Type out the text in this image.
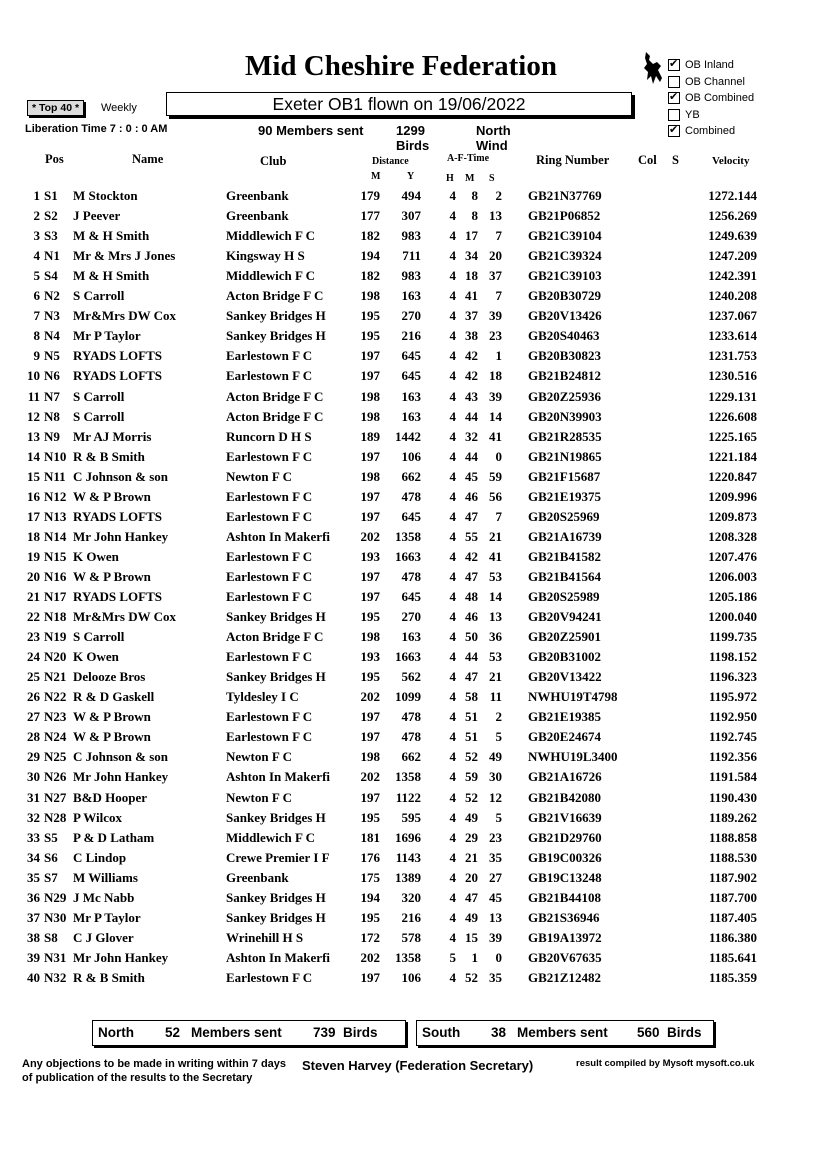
Mid Cheshire Federation
✔	OB Inland
OB Channel
✔
OB Combined
YB
✔
Combined
* Top 40 *	Weekly	Exeter OB1 flown on 19/06/2022
Liberation Time 7 : 0 : 0 AM	90 Members sent	1299 Birds
North Wind
Pos	Name	Club	Distance
M	Y
A-F-Time
H M S
Ring Number Col S	Velocity
1 S1 M Stockton	Greenbank	179	494	4	8	2 GB21N37769	1272.144
2 S2 J Peever	Greenbank	177	307	4	8 13 GB21P06852	1256.269
3 S3 M & H Smith	Middlewich F C	182	983	4 17	7 GB21C39104	1249.639
4 N1 Mr & Mrs J Jones	Kingsway H S	194	711	4 34 20 GB21C39324	1247.209
5 S4 M & H Smith	Middlewich F C	182	983	4 18 37 GB21C39103	1242.391
6 N2 S Carroll	Acton Bridge F C	198	163	4 41	7 GB20B30729	1240.208
7 N3 Mr&Mrs DW Cox	Sankey Bridges H	195	270	4 37 39 GB20V13426	1237.067
8 N4 Mr P Taylor	Sankey Bridges H	195	216	4 38 23 GB20S40463	1233.614
9 N5 RYADS LOFTS	Earlestown F C	197	645	4 42	1 GB20B30823	1231.753
10 N6 RYADS LOFTS	Earlestown F C	197	645	4 42 18 GB21B24812	1230.516
11 N7 S Carroll	Acton Bridge F C	198	163	4 43 39 GB20Z25936	1229.131
12 N8 S Carroll	Acton Bridge F C	198	163	4 44 14 GB20N39903	1226.608
13 N9 Mr AJ Morris	Runcorn D H S	189	1442	4 32 41 GB21R28535	1225.165
14 N10 R & B Smith	Earlestown F C	197	106	4 44	0 GB21N19865	1221.184
15 N11 C Johnson & son	Newton F C	198	662	4 45 59 GB21F15687	1220.847
16 N12 W & P Brown	Earlestown F C	197	478	4 46 56 GB21E19375	1209.996
17 N13 RYADS LOFTS	Earlestown F C	197	645	4 47	7 GB20S25969	1209.873
18 N14 Mr John Hankey	Ashton In Makerfi	202	1358	4 55 21 GB21A16739	1208.328
19 N15 K Owen	Earlestown F C	193	1663	4 42 41 GB21B41582	1207.476
20 N16 W & P Brown	Earlestown F C	197	478	4 47 53 GB21B41564	1206.003
21 N17 RYADS LOFTS	Earlestown F C	197	645	4 48 14 GB20S25989	1205.186
22 N18 Mr&Mrs DW Cox	Sankey Bridges H	195	270	4 46 13 GB20V94241	1200.040
23 N19 S Carroll	Acton Bridge F C	198	163	4 50 36 GB20Z25901	1199.735
24 N20 K Owen	Earlestown F C	193	1663	4 44 53 GB20B31002	1198.152
25 N21 Delooze Bros	Sankey Bridges H	195	562	4 47 21 GB20V13422	1196.323
26 N22 R & D Gaskell	Tyldesley I C	202	1099	4 58 11 NWHU19T4798	1195.972
27 N23 W & P Brown	Earlestown F C	197	478	4 51	2 GB21E19385	1192.950
28 N24 W & P Brown	Earlestown F C	197	478	4 51	5 GB20E24674	1192.745
29 N25 C Johnson & son	Newton F C	198	662	4 52 49 NWHU19L3400	1192.356
30 N26 Mr John Hankey	Ashton In Makerfi	202	1358	4 59 30 GB21A16726	1191.584
31 N27 B&D Hooper	Newton F C	197	1122	4 52 12 GB21B42080	1190.430
32 N28 P Wilcox	Sankey Bridges H	195	595	4 49	5 GB21V16639	1189.262
33 S5 P & D Latham	Middlewich F C	181	1696	4 29 23 GB21D29760	1188.858
34 S6 C Lindop	Crewe Premier I F	176	1143	4 21 35 GB19C00326	1188.530
35 S7 M Williams	Greenbank	175	1389	4 20 27 GB19C13248	1187.902
36 N29 J Mc Nabb	Sankey Bridges H	194	320	4 47 45 GB21B44108	1187.700
37 N30 Mr P Taylor	Sankey Bridges H	195	216	4 49 13 GB21S36946	1187.405
38 S8 C J Glover	Wrinehill H S	172	578	4 15 39 GB19A13972	1186.380
39 N31 Mr John Hankey	Ashton In Makerfi	202	1358	5	1	0 GB20V67635	1185.641
40 N32 R & B Smith	Earlestown F C	197	106	4 52 35 GB21Z12482	1185.359
North 52 Members sent 739 Birds	South 38 Members sent 560 Birds
Any objections to be made in writing within 7 days of publication of the results to the Secretary
Steven Harvey (Federation Secretary)	result compiled by Mysoft mysoft.co.uk
